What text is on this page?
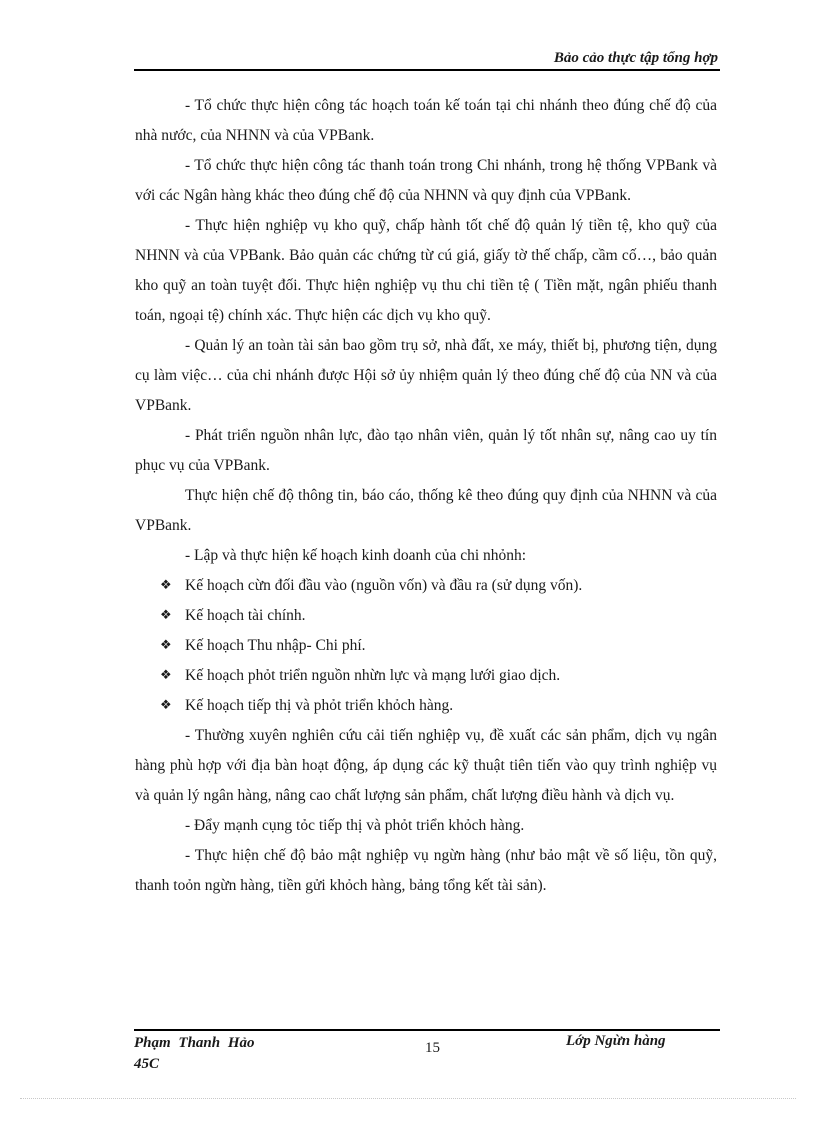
Bảo cảo thực tập tổng hợp

- Tổ chức thực hiện công tác hoạch toán kế toán tại chi nhánh theo đúng chế độ của nhà nước, của NHNN và của VPBank.

- Tổ chức thực hiện công tác thanh toán trong Chi nhánh, trong hệ thống VPBank và với các Ngân hàng khác theo đúng chế độ của NHNN và quy định của VPBank.

- Thực hiện nghiệp vụ kho quỹ, chấp hành tốt chế độ quản lý tiền tệ, kho quỹ của NHNN và của VPBank. Bảo quản các chứng từ cú giá, giấy tờ thế chấp, cầm cố…, bảo quản kho quỹ an toàn tuyệt đối. Thực hiện nghiệp vụ thu chi tiền tệ ( Tiền mặt, ngân phiếu thanh toán, ngoại tệ) chính xác. Thực hiện các dịch vụ kho quỹ.

- Quản lý an toàn tài sản bao gồm trụ sở, nhà đất, xe máy, thiết bị, phương tiện, dụng cụ làm việc… của chi nhánh được Hội sở ủy nhiệm quản lý theo đúng chế độ của NN và của VPBank.

- Phát triển nguồn nhân lực, đào tạo nhân viên, quản lý tốt nhân sự, nâng cao uy tín phục vụ của VPBank.

Thực hiện chế độ thông tin, báo cáo, thống kê theo đúng quy định của NHNN và của VPBank.

- Lập và thực hiện kế hoạch kinh doanh của chi nhỏnh:

❖ Kế hoạch cừn đối đầu vào (nguồn vốn) và đầu ra (sử dụng vốn).
❖ Kế hoạch tài chính.
❖ Kế hoạch Thu nhập- Chi phí.
❖ Kế hoạch phỏt triển nguồn nhừn lực và mạng lưới giao dịch.
❖ Kế hoạch tiếp thị và phỏt triển khỏch hàng.

- Thường xuyên nghiên cứu cải tiến nghiệp vụ, đề xuất các sản phẩm, dịch vụ ngân hàng phù hợp với địa bàn hoạt động, áp dụng các kỹ thuật tiên tiến vào quy trình nghiệp vụ và quản lý ngân hàng, nâng cao chất lượng sản phẩm, chất lượng điều hành và dịch vụ.

- Đẩy mạnh cụng tỏc tiếp thị và phỏt triển khỏch hàng.

- Thực hiện chế độ bảo mật nghiệp vụ ngừn hàng (như bảo mật về số liệu, tồn quỹ, thanh toỏn ngừn hàng, tiền gửi khỏch hàng, bảng tổng kết tài sản).

Phạm Thanh Hảo 45C
15	Lớp Ngừn hàng
